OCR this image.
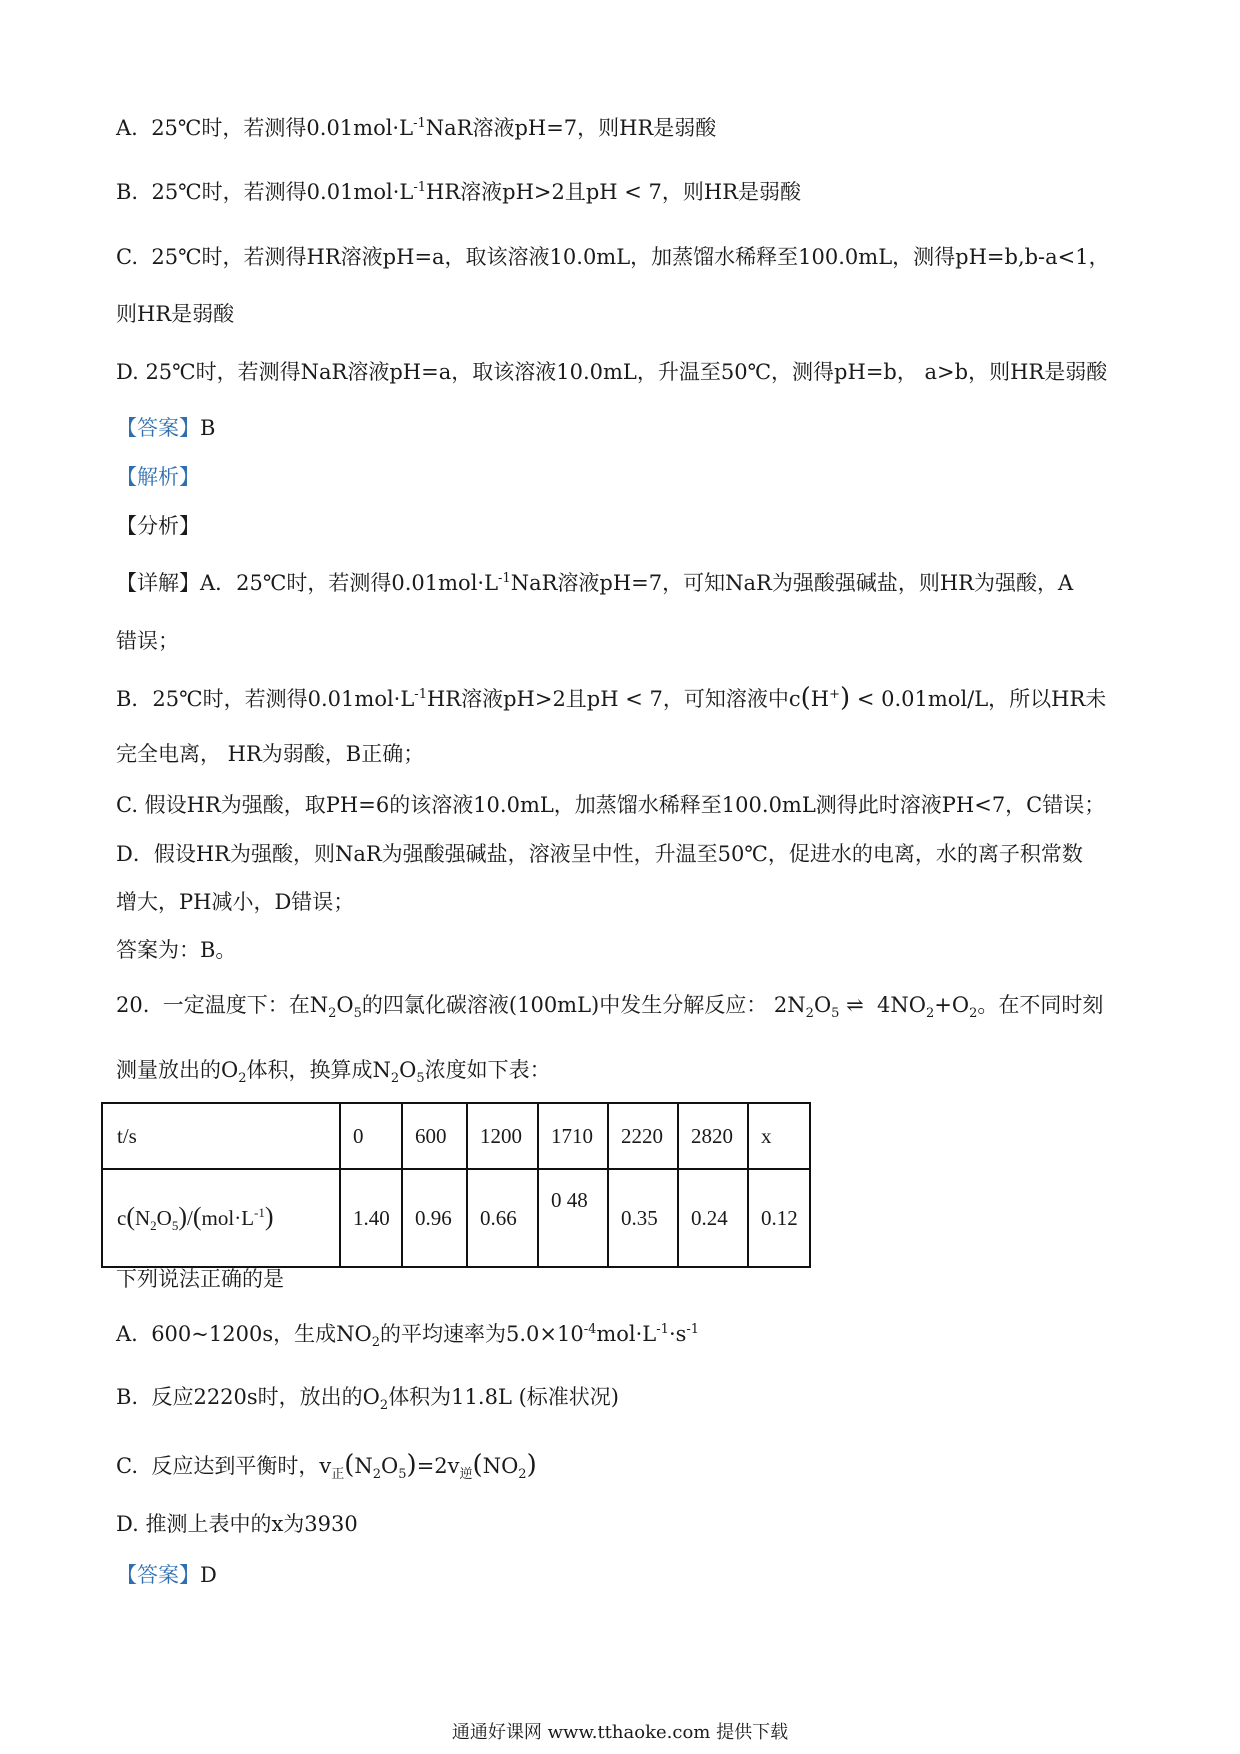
A.  25℃时，若测得$0.01mol\cdot L^{-1}NaR$溶液pH=7，则HR是弱酸
B.  25℃时，若测得$0.01mol\cdot L^{-1}HR$溶液pH>2且pH < 7，则HR是弱酸
C.  25℃时，若测得HR溶液pH=a，取该溶液10.0mL，加蒸馏水稀释至100.0mL，测得pH=b,b-a<1，
则HR是弱酸
D. 25℃时，若测得NaR溶液pH=a，取该溶液10.0mL，升温至50℃，测得pH=b， a>b，则HR是弱酸
【答案】B
【解析】
【分析】
【详解】A．25℃时，若测得$0.01mol\cdot L^{-1}NaR$溶液pH=7，可知NaR为强酸强碱盐，则HR为强酸，A
错误；
B．25℃时，若测得$0.01mol\cdot L^{-1}HR$溶液pH>2且pH < 7，可知溶液中c(H+) < 0.01mol/L，所以HR未
完全电离， HR为弱酸，B正确；
C. 假设HR为强酸，取PH=6的该溶液10.0mL，加蒸馏水稀释至100.0mL测得此时溶液PH<7，C错误；
D．假设HR为强酸，则NaR为强酸强碱盐，溶液呈中性，升温至50℃，促进水的电离，水的离子积常数
增大，PH减小，D错误；
答案为：B。
20.  一定温度下：在$N_2O_5$的四氯化碳溶液(100mL)中发生分解反应： $2N_2O_5$ ⇌  $4NO_2+O_2$。在不同时刻
测量放出的$O_2$体积，换算成$N_2O_5$浓度如下表：
t/s	0	600	1200	1710	2220	2820	x
$c(N_2O_5)/(mol\cdot L^{-1})$	1.40	0.96	0.66	0 48	0.35	0.24	0.12
下列说法正确的是
A.  600~1200s，生成$NO_2$的平均速率为$5.0\times 10^{-4}mol\cdot L^{-1}\cdot s^{-1}$
B.  反应2220s时，放出的$O_2$体积为11.8L (标准状况)
C.  反应达到平衡时，$v_正(N_2O_5)=2v_逆(NO_2)$
D. 推测上表中的x为3930
【答案】D
通通好课网 www.tthaoke.com 提供下载
